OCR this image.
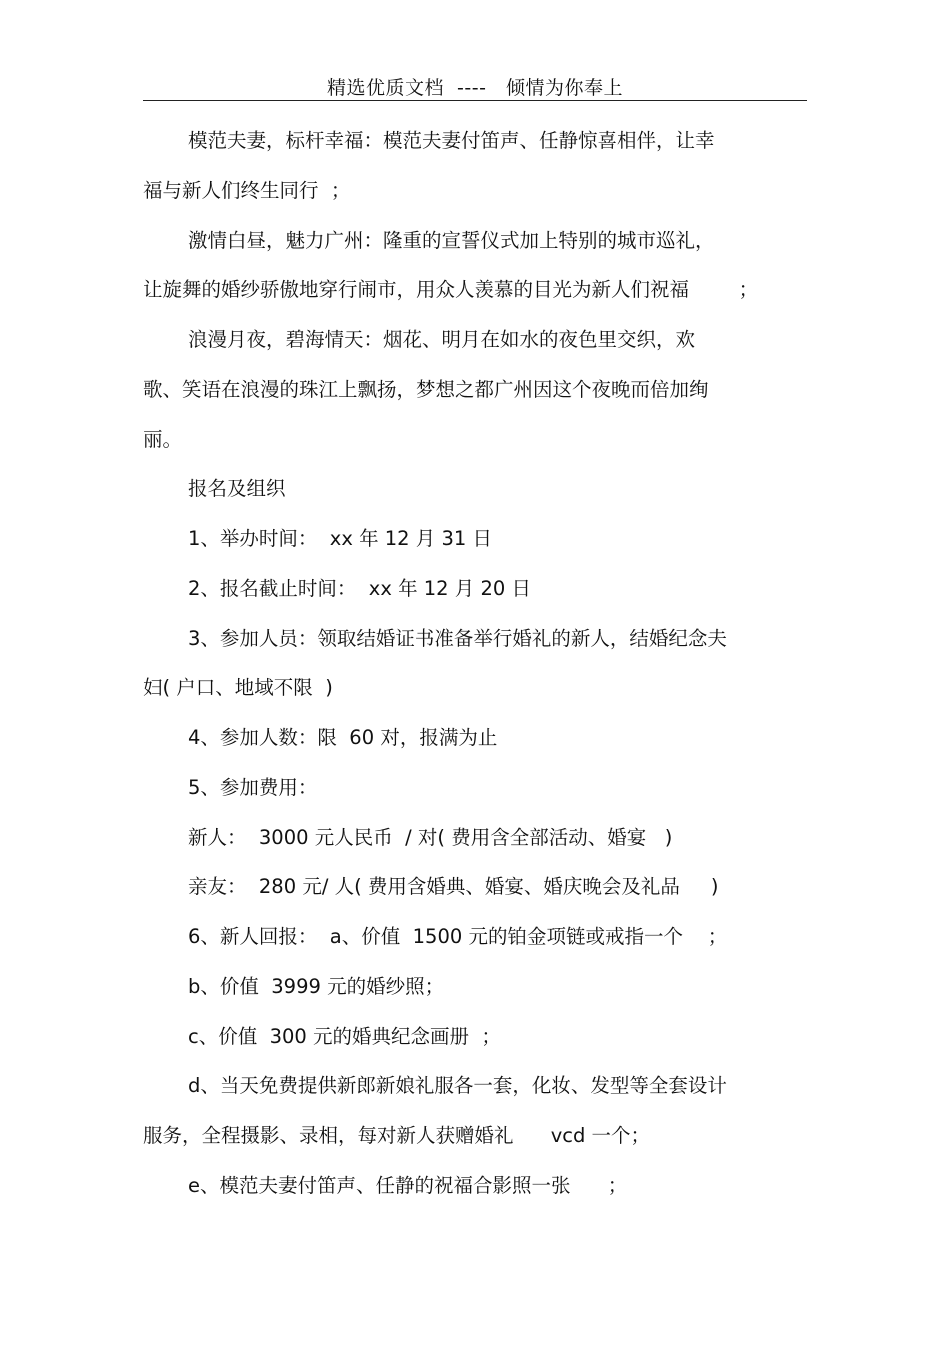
精选优质文档  ----   倾情为你奉上
模范夫妻，标杆幸福：模范夫妻付笛声、任静惊喜相伴，让幸
福与新人们终生同行  ；
激情白昼，魅力广州：隆重的宣誓仪式加上特别的城市巡礼，
让旋舞的婚纱骄傲地穿行闹市，用众人羡慕的目光为新人们祝福        ；
浪漫月夜，碧海情天：烟花、明月在如水的夜色里交织，欢
歌、笑语在浪漫的珠江上飘扬，梦想之都广州因这个夜晚而倍加绚
丽。
报名及组织
1、举办时间：  xx 年 12 月 31 日
2、报名截止时间：  xx 年 12 月 20 日
3、参加人员：领取结婚证书准备举行婚礼的新人，结婚纪念夫
妇( 户口、地域不限  )
4、参加人数：限  60 对，报满为止
5、参加费用：
新人：  3000 元人民币  / 对( 费用含全部活动、婚宴   )
亲友：  280 元/ 人( 费用含婚典、婚宴、婚庆晚会及礼品     )
6、新人回报：  a、价值  1500 元的铂金项链或戒指一个    ；
b、价值  3999 元的婚纱照；
c、价值  300 元的婚典纪念画册  ；
d、当天免费提供新郎新娘礼服各一套，化妆、发型等全套设计
服务，全程摄影、录相，每对新人获赠婚礼      vcd 一个；
e、模范夫妻付笛声、任静的祝福合影照一张      ；
